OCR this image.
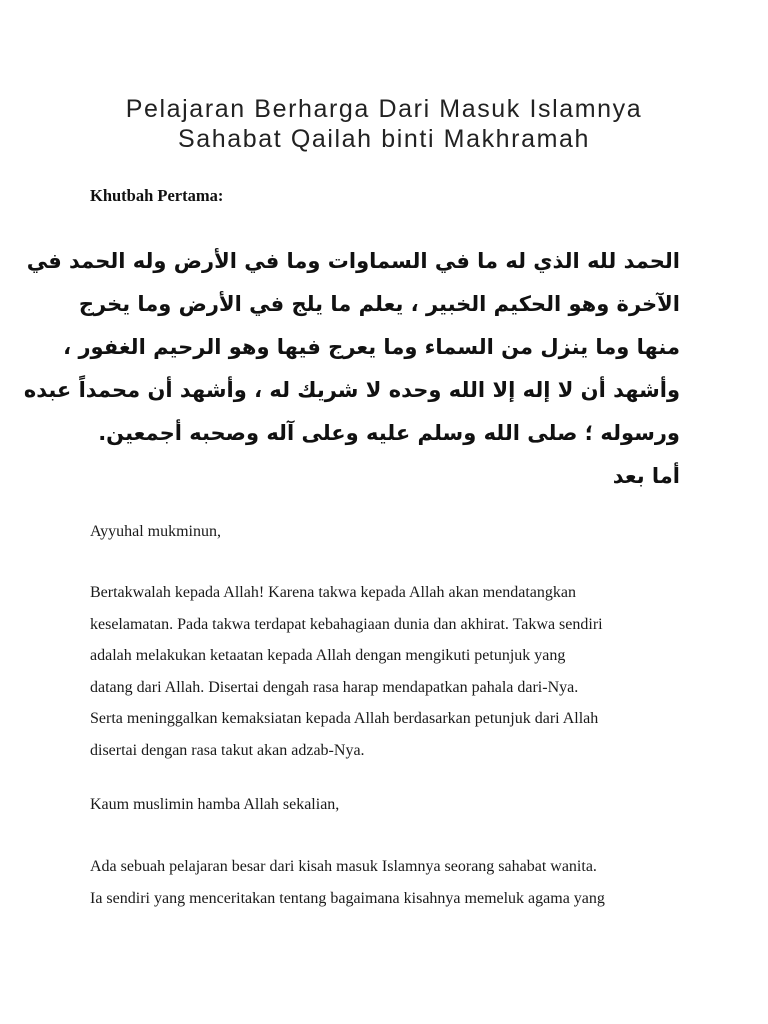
Pelajaran Berharga Dari Masuk Islamnya
Sahabat Qailah binti Makhramah

Khutbah Pertama:

الحمد لله الذي له ما في السماوات وما في الأرض وله الحمد في
الآخرة وهو الحكيم الخبير ، يعلم ما يلج في الأرض وما يخرج
منها وما ينزل من السماء وما يعرج فيها وهو الرحيم الغفور ،
وأشهد أن لا إله إلا الله وحده لا شريك له ، وأشهد أن محمداً عبده
ورسوله ؛ صلى الله وسلم عليه وعلى آله وصحبه أجمعين.
أما بعد

Ayyuhal mukminun,

Bertakwalah kepada Allah! Karena takwa kepada Allah akan mendatangkan
keselamatan. Pada takwa terdapat kebahagiaan dunia dan akhirat. Takwa sendiri
adalah melakukan ketaatan kepada Allah dengan mengikuti petunjuk yang
datang dari Allah. Disertai dengah rasa harap mendapatkan pahala dari-Nya.
Serta meninggalkan kemaksiatan kepada Allah berdasarkan petunjuk dari Allah
disertai dengan rasa takut akan adzab-Nya.

Kaum muslimin hamba Allah sekalian,

Ada sebuah pelajaran besar dari kisah masuk Islamnya seorang sahabat wanita.
Ia sendiri yang menceritakan tentang bagaimana kisahnya memeluk agama yang
